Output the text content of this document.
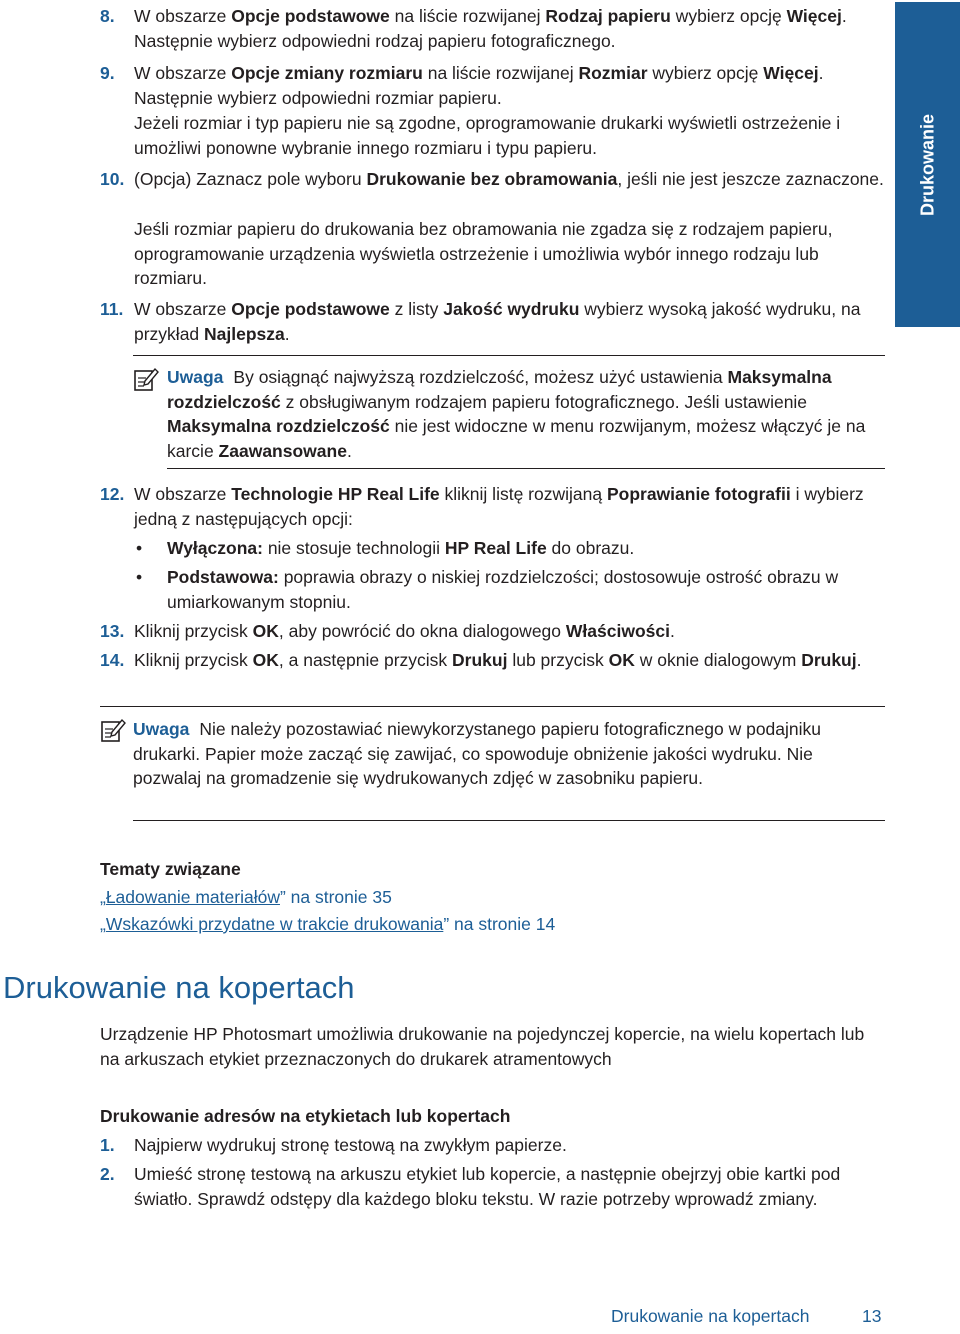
Drukowanie
8. W obszarze Opcje podstawowe na liście rozwijanej Rodzaj papieru wybierz opcję Więcej. Następnie wybierz odpowiedni rodzaj papieru fotograficznego.
9. W obszarze Opcje zmiany rozmiaru na liście rozwijanej Rozmiar wybierz opcję Więcej. Następnie wybierz odpowiedni rozmiar papieru.
Jeżeli rozmiar i typ papieru nie są zgodne, oprogramowanie drukarki wyświetli ostrzeżenie i umożliwi ponowne wybranie innego rozmiaru i typu papieru.
10. (Opcja) Zaznacz pole wyboru Drukowanie bez obramowania, jeśli nie jest jeszcze zaznaczone.
Jeśli rozmiar papieru do drukowania bez obramowania nie zgadza się z rodzajem papieru, oprogramowanie urządzenia wyświetla ostrzeżenie i umożliwia wybór innego rodzaju lub rozmiaru.
11. W obszarze Opcje podstawowe z listy Jakość wydruku wybierz wysoką jakość wydruku, na przykład Najlepsza.
Uwaga By osiągnąć najwyższą rozdzielczość, możesz użyć ustawienia Maksymalna rozdzielczość z obsługiwanym rodzajem papieru fotograficznego. Jeśli ustawienie Maksymalna rozdzielczość nie jest widoczne w menu rozwijanym, możesz włączyć je na karcie Zaawansowane.
12. W obszarze Technologie HP Real Life kliknij listę rozwijaną Poprawianie fotografii i wybierz jedną z następujących opcji:
• Wyłączona: nie stosuje technologii HP Real Life do obrazu.
• Podstawowa: poprawia obrazy o niskiej rozdzielczości; dostosowuje ostrość obrazu w umiarkowanym stopniu.
13. Kliknij przycisk OK, aby powrócić do okna dialogowego Właściwości.
14. Kliknij przycisk OK, a następnie przycisk Drukuj lub przycisk OK w oknie dialogowym Drukuj.
Uwaga Nie należy pozostawiać niewykorzystanego papieru fotograficznego w podajniku drukarki. Papier może zacząć się zawijać, co spowoduje obniżenie jakości wydruku. Nie pozwalaj na gromadzenie się wydrukowanych zdjęć w zasobniku papieru.
Tematy związane
„Ładowanie materiałów” na stronie 35
„Wskazówki przydatne w trakcie drukowania” na stronie 14
Drukowanie na kopertach
Urządzenie HP Photosmart umożliwia drukowanie na pojedynczej kopercie, na wielu kopertach lub na arkuszach etykiet przeznaczonych do drukarek atramentowych
Drukowanie adresów na etykietach lub kopertach
1. Najpierw wydrukuj stronę testową na zwykłym papierze.
2. Umieść stronę testową na arkuszu etykiet lub kopercie, a następnie obejrzyj obie kartki pod światło. Sprawdź odstępy dla każdego bloku tekstu. W razie potrzeby wprowadź zmiany.
Drukowanie na kopertach	13
